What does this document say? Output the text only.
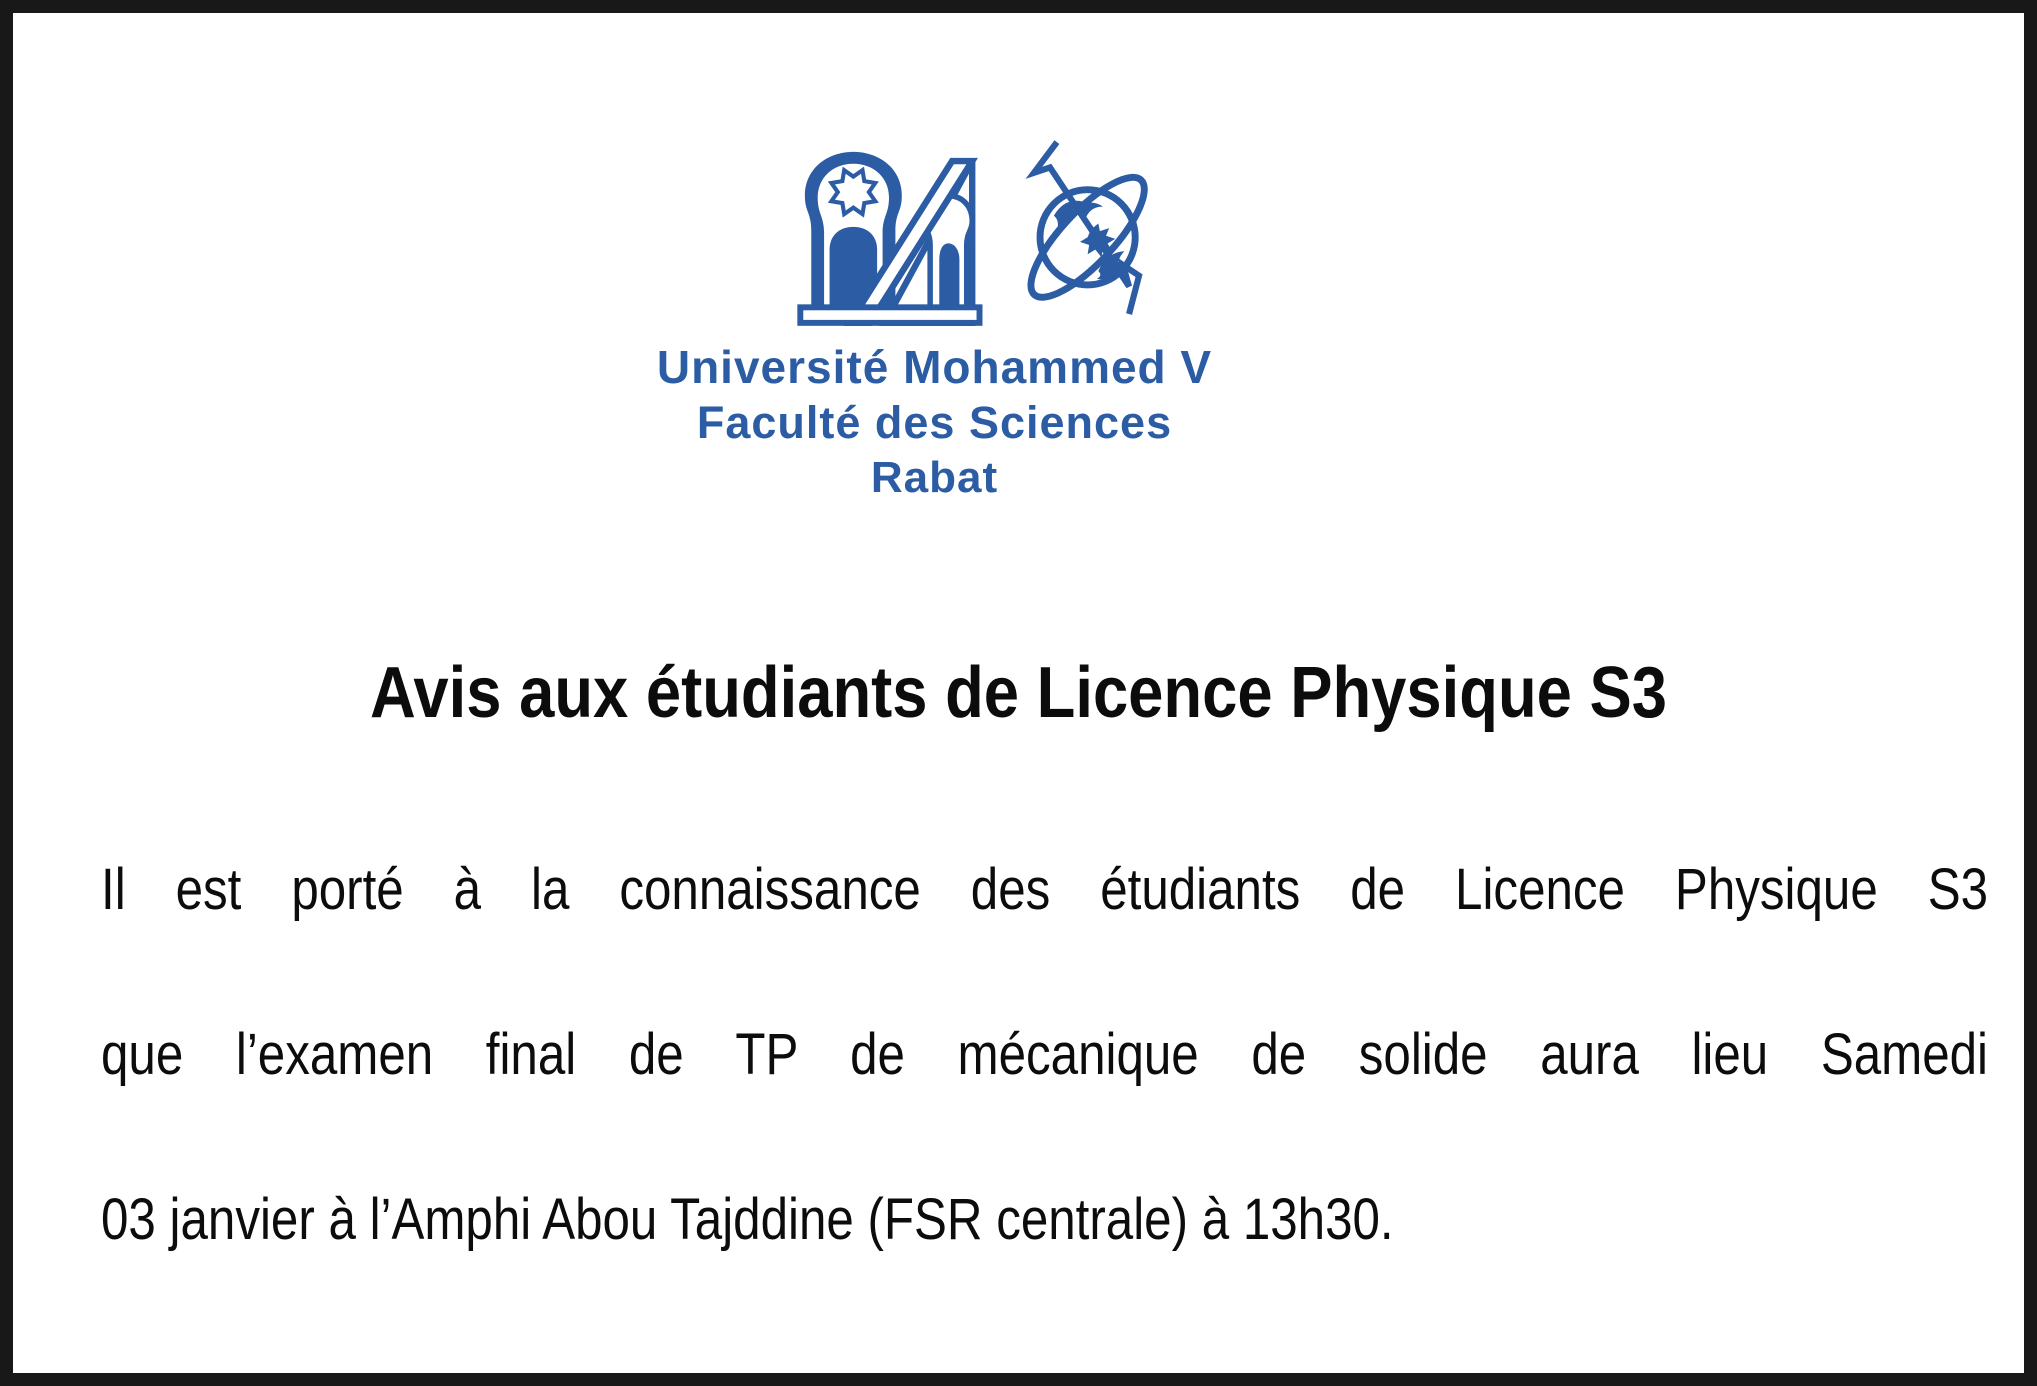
Université Mohammed V
Faculté des Sciences
Rabat
Avis aux étudiants de Licence Physique S3
Il est porté à la connaissance des étudiants de Licence Physique S3
que l’examen final de TP de mécanique de solide aura lieu Samedi
03 janvier à l’Amphi Abou Tajddine (FSR centrale) à 13h30.
